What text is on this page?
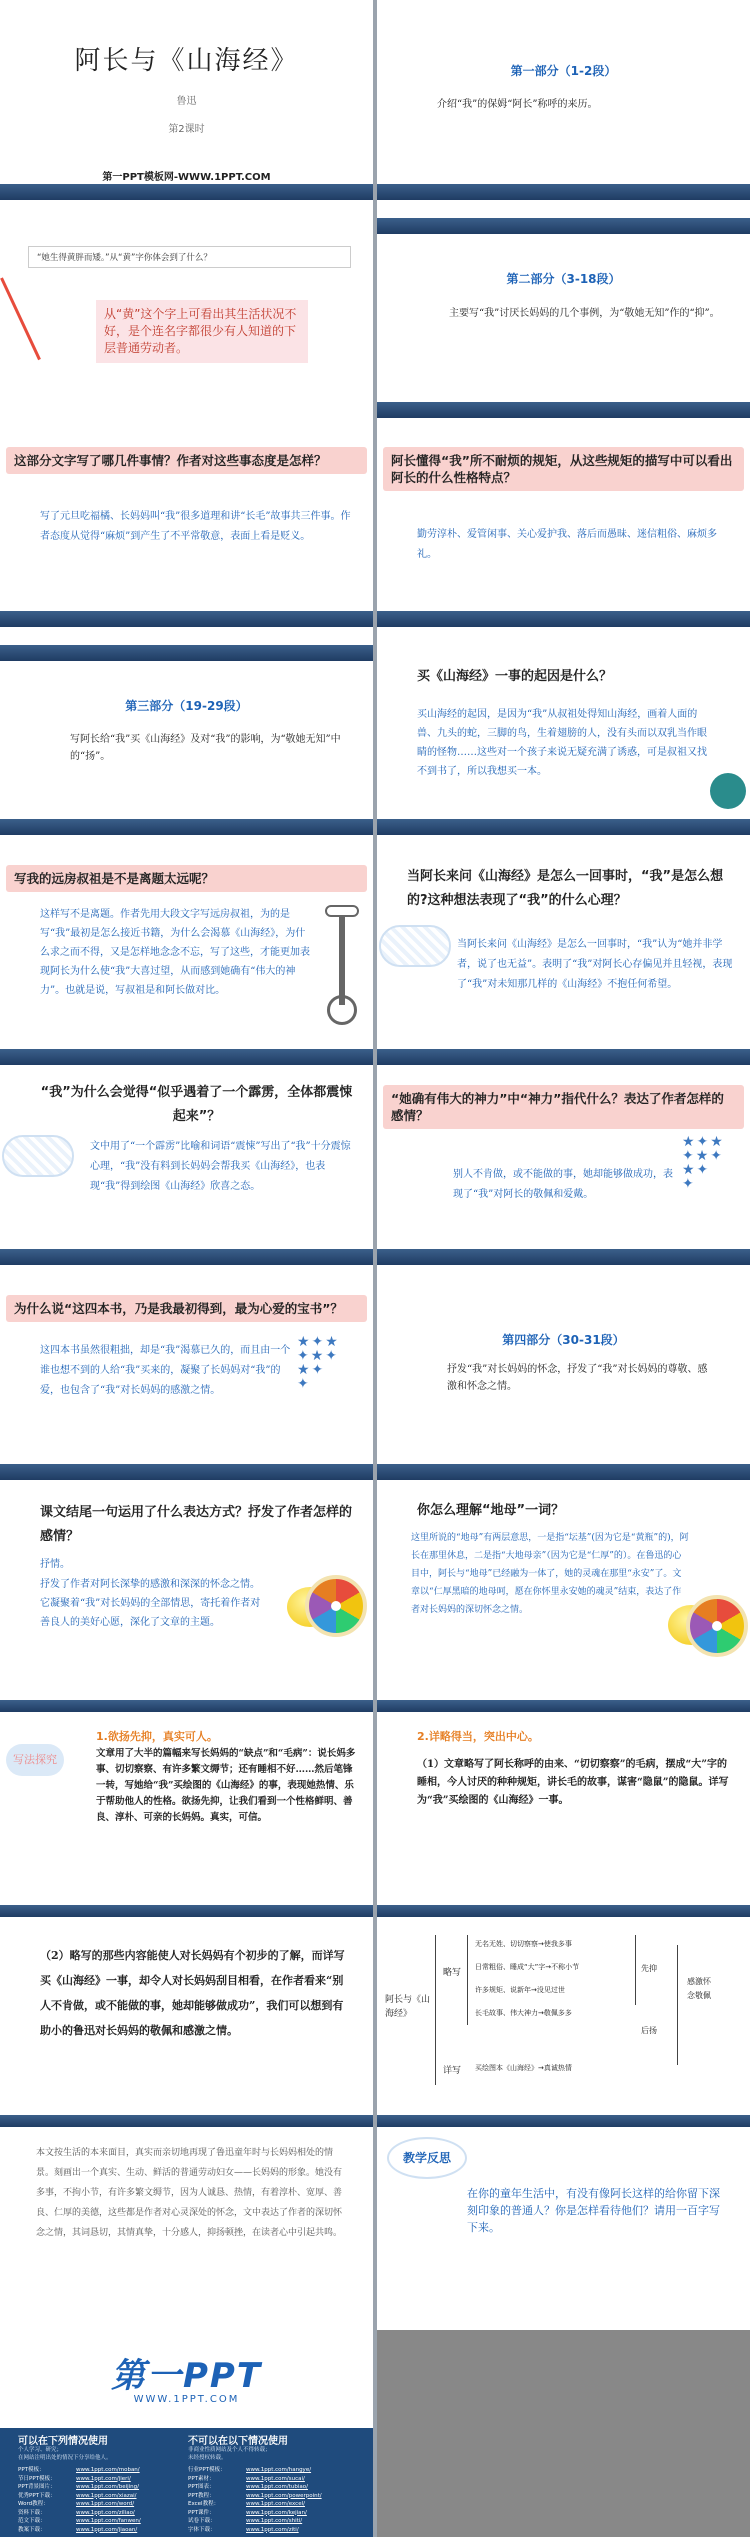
阿长与《山海经》
鲁迅
第2课时
第一PPT模板网-WWW.1PPT.COM
第一部分（1-2段）
介绍“我”的保姆“阿长”称呼的来历。
“她生得黄胖而矮。”从“黄”字你体会到了什么？
从“黄”这个字上可看出其生活状况不好，是个连名字都很少有人知道的下层普通劳动者。
第二部分（3-18段）
主要写“我”讨厌长妈妈的几个事例，为“敬她无知”作的“抑”。
这部分文字写了哪几件事情？作者对这些事态度是怎样？
写了元旦吃福橘、长妈妈叫“我”很多道理和讲“长毛”故事共三件事。作者态度从觉得“麻烦”到产生了不平常敬意，表面上看是贬义。
阿长懂得“我”所不耐烦的规矩，从这些规矩的描写中可以看出阿长的什么性格特点？
勤劳淳朴、爱管闲事、关心爱护我、落后而愚昧、迷信粗俗、麻烦多礼。
第三部分（19-29段）
写阿长给“我”买《山海经》及对“我”的影响，为“敬她无知”中的“扬”。
买《山海经》一事的起因是什么？
买山海经的起因，是因为“我”从叔祖处得知山海经，画着人面的兽、九头的蛇，三脚的鸟，生着翅膀的人，没有头而以双乳当作眼睛的怪物……这些对一个孩子来说无疑充满了诱惑，可是叔祖又找不到书了，所以我想买一本。
写我的远房叔祖是不是离题太远呢？
这样写不是离题。作者先用大段文字写远房叔祖，为的是写“我”最初是怎么接近书籍，为什么会渴慕《山海经》，为什么求之而不得，又是怎样地念念不忘，写了这些，才能更加表现阿长为什么使“我”大喜过望，从而感到她确有“伟大的神力”。也就是说，写叔祖是和阿长做对比。
当阿长来问《山海经》是怎么一回事时，“我”是怎么想的?这种想法表现了“我”的什么心理？
当阿长来问《山海经》是怎么一回事时，“我”认为“她并非学者，说了也无益”。表明了“我”对阿长心存偏见并且轻视，表现了“我”对未知那几样的《山海经》不抱任何希望。
“我”为什么会觉得“似乎遇着了一个霹雳，全体都震悚起来”？
文中用了“一个霹雳”比喻和词语“震悚”写出了“我”十分震惊心理，“我”没有料到长妈妈会帮我买《山海经》，也表现“我”得到绘图《山海经》欣喜之态。
“她确有伟大的神力”中“神力”指代什么？表达了作者怎样的感情？
别人不肯做，或不能做的事，她却能够做成功，表现了“我”对阿长的敬佩和爱戴。
★✦★
✦★✦
★✦
✦
为什么说“这四本书，乃是我最初得到，最为心爱的宝书”？
这四本书虽然很粗拙，却是“我”渴慕已久的，而且由一个谁也想不到的人给“我”买来的，凝聚了长妈妈对“我”的爱，也包含了“我”对长妈妈的感激之情。
★✦★
✦★✦
★✦
✦
第四部分（30-31段）
抒发“我”对长妈妈的怀念，抒发了“我”对长妈妈的尊敬、感激和怀念之情。
课文结尾一句运用了什么表达方式？抒发了作者怎样的感情？
抒情。
抒发了作者对阿长深挚的感激和深深的怀念之情。它凝聚着“我”对长妈妈的全部情思，寄托着作者对善良人的美好心愿，深化了文章的主题。
你怎么理解“地母”一词？
这里所说的“地母”有两层意思，一是指“坛基”(因为它是“黄瓶”的)，阿长在那里休息，二是指“大地母亲”（因为它是“仁厚”的）。在鲁迅的心目中，阿长与“地母”已经融为一体了，她的灵魂在那里“永安”了。文章以“仁厚黑暗的地母呵，愿在你怀里永安她的魂灵”结束，表达了作者对长妈妈的深切怀念之情。
写法探究
1.欲扬先抑，真实可人。
文章用了大半的篇幅来写长妈妈的“缺点”和“毛病”：说长妈多事、切切察察、有许多繁文缛节；还有睡相不好……然后笔锋一转，写她给“我”买绘图的《山海经》的事，表现她热情、乐于帮助他人的性格。欲扬先抑，让我们看到一个性格鲜明、善良、淳朴、可亲的长妈妈。真实，可信。
2.详略得当，突出中心。
（1）文章略写了阿长称呼的由来、“切切察察”的毛病，摆成“大”字的睡相，今人讨厌的种种规矩，讲长毛的故事，谋害“隐鼠”的隐鼠。详写为“我”买绘图的《山海经》一事。
（2）略写的那些内容能使人对长妈妈有个初步的了解，而详写买《山海经》一事，却令人对长妈妈刮目相看，在作者看来“别人不肯做，或不能做的事，她却能够做成功”，我们可以想到有助小的鲁迅对长妈妈的敬佩和感激之情。
阿长与《山海经》
略写
无名无姓、切切察察→使我多事
日常粗俗、睡成“大”字→不称小节
许多规矩、说新年→没见过世
长毛故事、伟大神力→敬佩多多
详写 买绘图本《山海经》→真诚热情
先抑
后扬
感激怀念敬佩
本文按生活的本来面目，真实而亲切地再现了鲁迅童年时与长妈妈相处的情景。刻画出一个真实、生动、鲜活的普通劳动妇女——长妈妈的形象。她没有多事，不拘小节，有许多繁文缛节，因为人诚恳、热情，有着淳朴、宽厚、善良、仁厚的美德，这些都是作者对心灵深处的怀念，文中表达了作者的深切怀念之情，其词恳切，其情真挚，十分感人，抑扬顿挫，在读者心中引起共鸣。
教学反思
在你的童年生活中，有没有像阿长这样的给你留下深刻印象的普通人？你是怎样看待他们？请用一百字写下来。
第一PPT
WWW.1PPT.COM
可以在下列情况使用
个人学习、研究；
在网站注明出处的情况下分享给他人。
不可以在以下情况使用
非商业性质网站及个人不得转载；
未经授权转载。
PPT模板：	www.1ppt.com/moban/
节日PPT模板：	www.1ppt.com/jieri/
PPT背景图片：	www.1ppt.com/beijing/
优秀PPT下载：	www.1ppt.com/xiazai/
Word教程：	www.1ppt.com/word/
资料下载：	www.1ppt.com/ziliao/
范文下载：	www.1ppt.com/fanwen/
教案下载：	www.1ppt.com/jiaoan/
行业PPT模板：	www.1ppt.com/hangye/
PPT素材：	www.1ppt.com/sucai/
PPT图表：	www.1ppt.com/tubiao/
PPT教程：	www.1ppt.com/powerpoint/
Excel教程：	www.1ppt.com/excel/
PPT课件：	www.1ppt.com/kejian/
试卷下载：	www.1ppt.com/shiti/
字体下载：	www.1ppt.com/ziti/
